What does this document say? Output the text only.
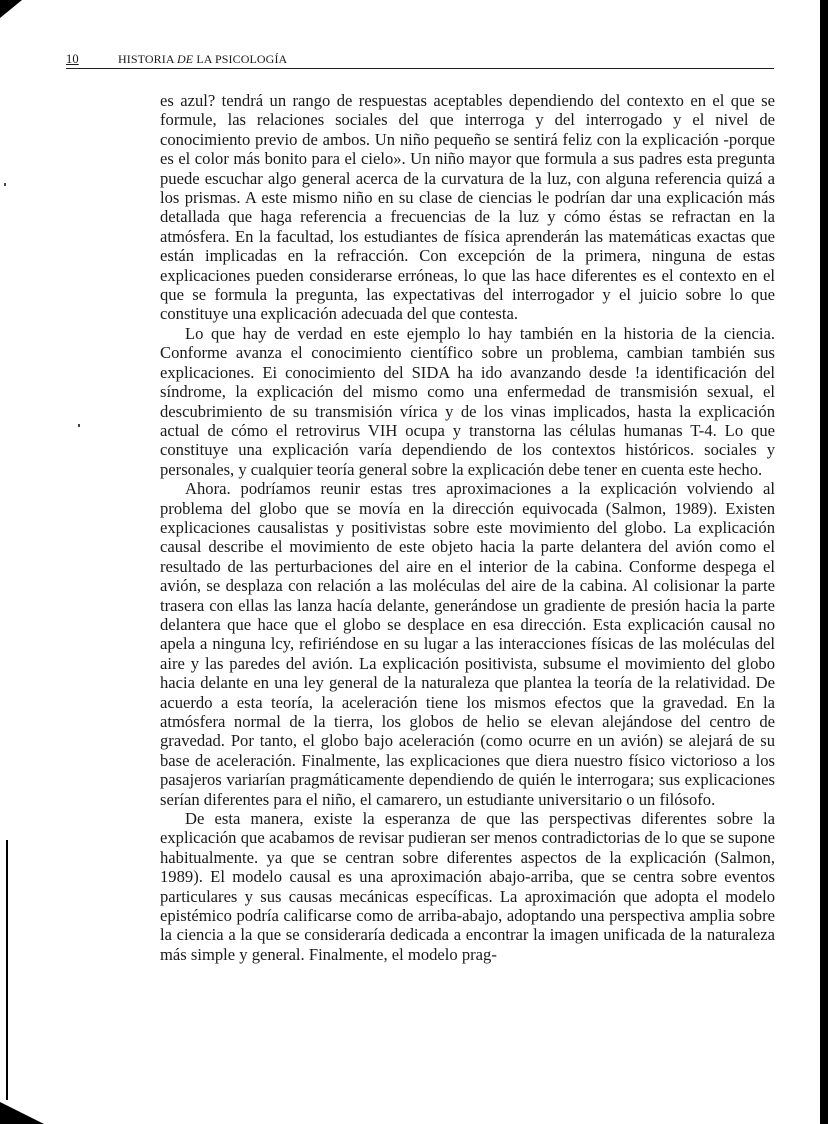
10	HISTORIA DE LA PSICOLOGÍA

es azul? tendrá un rango de respuestas aceptables dependiendo del contexto en el que se formule, las relaciones sociales del que interroga y del interrogado y el nivel de conocimiento previo de ambos. Un niño pequeño se sentirá feliz con la explicación -porque es el color más bonito para el cielo». Un niño mayor que formula a sus padres esta pregunta puede escuchar algo general acerca de la curvatura de la luz, con alguna referencia quizá a los prismas. A este mismo niño en su clase de ciencias le podrían dar una explicación más detallada que haga referencia a frecuencias de la luz y cómo éstas se refractan en la atmósfera. En la facultad, los estudiantes de física aprenderán las matemáticas exactas que están implicadas en la refracción. Con excepción de la primera, ninguna de estas explicaciones pueden considerarse erróneas, lo que las hace diferentes es el contexto en el que se formula la pregunta, las expectativas del interrogador y el juicio sobre lo que constituye una explicación adecuada del que contesta.

Lo que hay de verdad en este ejemplo lo hay también en la historia de la ciencia. Conforme avanza el conocimiento científico sobre un problema, cambian también sus explicaciones. Ei conocimiento del SIDA ha ido avanzando desde !a identificación del síndrome, la explicación del mismo como una enfermedad de transmisión sexual, el descubrimiento de su transmisión vírica y de los vinas implicados, hasta la explicación actual de cómo el retrovirus VIH ocupa y transtorna las células humanas T-4. Lo que constituye una explicación varía dependiendo de los contextos históricos. sociales y personales, y cualquier teoría general sobre la explicación debe tener en cuenta este hecho.

Ahora. podríamos reunir estas tres aproximaciones a la explicación volviendo al problema del globo que se movía en la dirección equivocada (Salmon, 1989). Existen explicaciones causalistas y positivistas sobre este movimiento del globo. La explicación causal describe el movimiento de este objeto hacia la parte delantera del avión como el resultado de las perturbaciones del aire en el interior de la cabina. Conforme despega el avión, se desplaza con relación a las moléculas del aire de la cabina. Al colisionar la parte trasera con ellas las lanza hacía delante, generándose un gradiente de presión hacia la parte delantera que hace que el globo se desplace en esa dirección. Esta explicación causal no apela a ninguna lcy, refiriéndose en su lugar a las interacciones físicas de las moléculas del aire y las paredes del avión. La explicación positivista, subsume el movimiento del globo hacia delante en una ley general de la naturaleza que plantea la teoría de la relatividad. De acuerdo a esta teoría, la aceleración tiene los mismos efectos que la gravedad. En la atmósfera normal de la tierra, los globos de helio se elevan alejándose del centro de gravedad. Por tanto, el globo bajo aceleración (como ocurre en un avión) se alejará de su base de aceleración. Finalmente, las explicaciones que diera nuestro físico victorioso a los pasajeros variarían pragmáticamente dependiendo de quién le interrogara; sus explicaciones serían diferentes para el niño, el camarero, un estudiante universitario o un filósofo.

De esta manera, existe la esperanza de que las perspectivas diferentes sobre la explicación que acabamos de revisar pudieran ser menos contradictorias de lo que se supone habitualmente. ya que se centran sobre diferentes aspectos de la explicación (Salmon, 1989). El modelo causal es una aproximación abajo-arriba, que se centra sobre eventos particulares y sus causas mecánicas específicas. La aproximación que adopta el modelo epistémico podría calificarse como de arriba-abajo, adoptando una perspectiva amplia sobre la ciencia a la que se consideraría dedicada a encontrar la imagen unificada de la naturaleza más simple y general. Finalmente, el modelo prag-
